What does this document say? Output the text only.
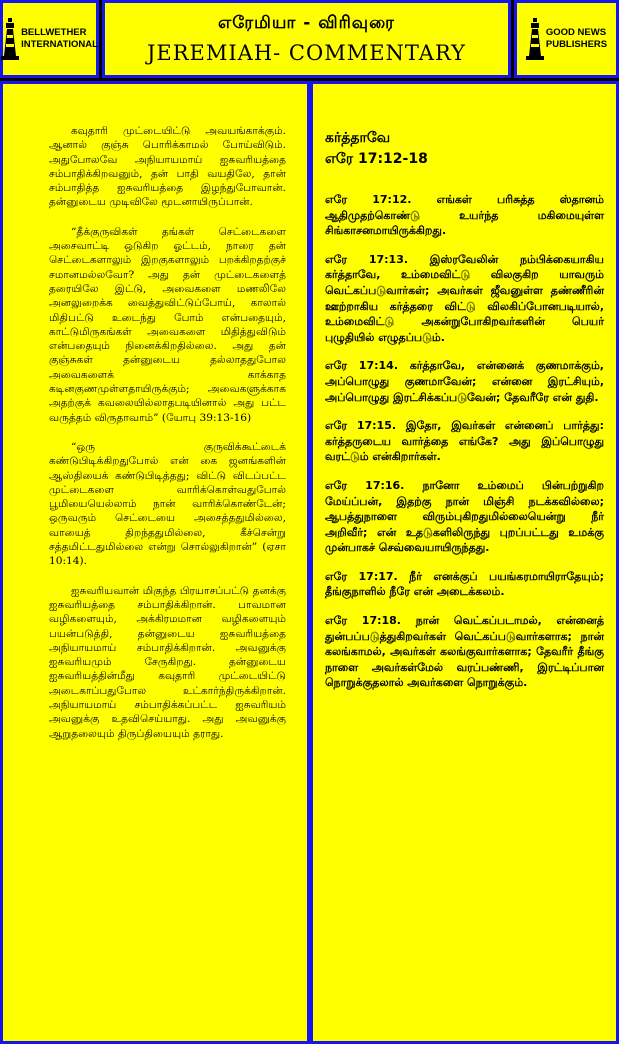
BELLWETHER
INTERNATIONAL
எரேமியா - விரிவுரை
JEREMIAH- COMMENTARY
GOOD NEWS
PUBLISHERS

கவுதாரி முட்டையிட்டு அவயங்காக்கும். ஆனால் குஞ்சு பொரிக்காமல் போய்விடும். அதுபோலவே அநியாயமாய் ஐசுவரியத்தை சம்பாதிக்கிறவனும், தன் பாதி வயதிலே, தான் சம்பாதித்த ஐசுவரியத்தை இழந்துபோவான். தன்னுடைய முடிவிலே மூடனாயிருப்பான்.

“தீக்குருவிகள் தங்கள் செட்டைகளை அசைவாட்டி ஒடுகிற ஓட்டம், நாரை தன் செட்டைகளாலும் இறகுகளாலும் பறக்கிறதற்குச் சமானமல்லவோ? அது தன் முட்டைகளைத் தரையிலே இட்டு, அவைகளை மணலிலே அனலுறைக்க வைத்துவிட்டுப்போய், காலால் மிதிபட்டு உடைந்து போம் என்பதையும், காட்டுமிருகங்கள் அவைகளை மிதித்துவிடும் என்பதையும் நினைக்கிறதில்லை. அது தன் குஞ்சுகள் தன்னுடைய தல்லாததுபோல அவைகளைக் காக்காத கடினகுணமுள்ளதாயிருக்கும்; அவைகளுக்காக அதற்குக் கவலையில்லாதபடியினால் அது பட்ட வருத்தம் விருதாவாம்” (யோபு 39:13-16)

“ஒரு குருவிக்கூட்டைக் கண்டுபிடிக்கிறதுபோல் என் கை ஜனங்களின் ஆஸ்தியைக் கண்டுபிடித்தது; விட்டு விடப்பட்ட முட்டைகளை வாரிக்கொள்வதுபோல் பூமியையெல்லாம் நான் வாரிக்கொண்டேன்; ஒருவரும் செட்டையை அசைத்ததுமில்லை, வாயைத் திறந்ததுமில்லை, கீச்சென்று சத்தமிட்டதுமில்லை என்று சொல்லுகிறான்” (ஏசா 10:14).

ஐசுவரியவான் மிகுந்த பிரயாசப்பட்டு தனக்கு ஐசுவரியத்தை சம்பாதிக்கிறான். பாவமான வழிகளையும், அக்கிரமமான வழிகளையும் பயன்படுத்தி, தன்னுடைய ஐசுவரியத்தை அநியாயமாய் சம்பாதிக்கிறான். அவனுக்கு ஐசுவரியமும் சேருகிறது. தன்னுடைய ஐசுவரியத்தின்மீது கவுதாரி முட்டையிட்டு அடைகாப்பதுபோல உட்கார்ந்திருக்கிறான். அநியாயமாய் சம்பாதிக்கப்பட்ட ஐசுவரியம் அவனுக்கு உதவிசெய்யாது. அது அவனுக்கு ஆறுதலையும் திருப்தியையும் தராது.

கர்த்தாவே
எரே 17:12-18

எரே 17:12. எங்கள் பரிசுத்த ஸ்தானம் ஆதிமுதற்கொண்டு உயர்ந்த மகிமையுள்ள சிங்காசனமாயிருக்கிறது.

எரே 17:13. இஸ்ரவேலின் நம்பிக்கையாகிய கர்த்தாவே, உம்மைவிட்டு விலகுகிற யாவரும் வெட்கப்படுவார்கள்; அவர்கள் ஜீவனுள்ள தண்ணீரின் ஊற்றாகிய கர்த்தரை விட்டு விலகிப்போனபடியால், உம்மைவிட்டு அகன்றுபோகிறவர்களின் பெயர் புழுதியில் எழுதப்படும்.

எரே 17:14. கர்த்தாவே, என்னைக் குணமாக்கும், அப்பொழுது குணமாவேன்; என்னை இரட்சியும், அப்பொழுது இரட்சிக்கப்படுவேன்; தேவரீரே என் துதி.

எரே 17:15. இதோ, இவர்கள் என்னைப் பார்த்து: கர்த்தருடைய வார்த்தை எங்கே? அது இப்பொழுது வரட்டும் என்கிறார்கள்.

எரே 17:16. நானோ உம்மைப் பின்பற்றுகிற மேய்ப்பன், இதற்கு நான் மிஞ்சி நடக்கவில்லை; ஆபத்துநாளை விரும்புகிறதுமில்லையென்று நீர் அறிவீர்; என் உதடுகளிலிருந்து புறப்பட்டது உமக்கு முன்பாகச் செவ்வையாயிருந்தது.

எரே 17:17. நீர் எனக்குப் பயங்கரமாயிராதேயும்; தீங்குநாளில் நீரே என் அடைக்கலம்.

எரே 17:18. நான் வெட்கப்படாமல், என்னைத் துன்பப்படுத்துகிறவர்கள் வெட்கப்படுவார்களாக; நான் கலங்காமல், அவர்கள் கலங்குவார்களாக; தேவரீர் தீங்கு நாளை அவர்கள்மேல் வரப்பண்ணி, இரட்டிப்பான நொறுக்குதலால் அவர்களை நொறுக்கும்.
